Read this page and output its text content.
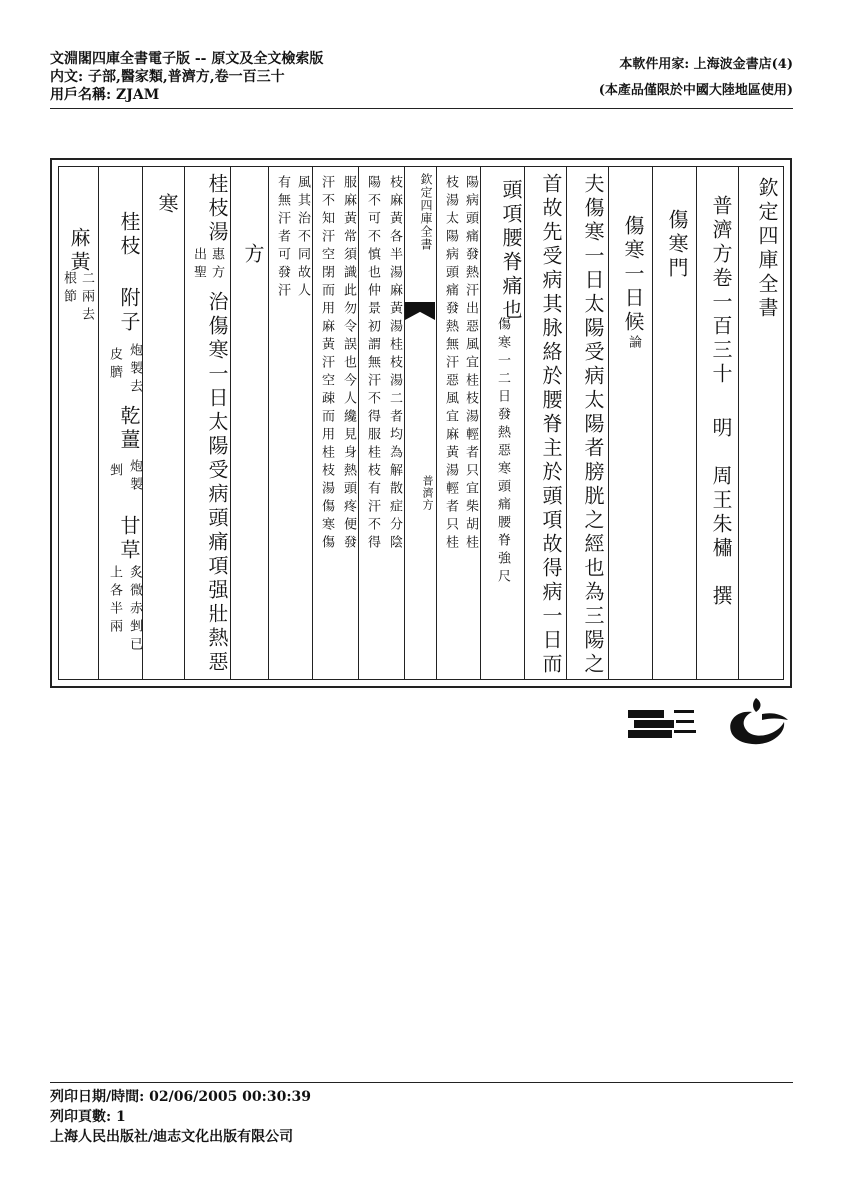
文淵閣四庫全書電子版 -- 原文及全文檢索版
内文: 子部,醫家類,普濟方,卷一百三十
用戶名稱: ZJAM
本軟件用家: 上海波金書店(4)
(本產品僅限於中國大陸地區使用)
欽定四庫全書
普濟方卷一百三十明　周王朱橚　撰
傷寒門
傷寒一日候論
夫傷寒一日太陽受病太陽者膀胱之經也為三陽之
首故先受病其脉絡於腰脊主於頭項故得病一日而
頭項腰脊痛也
傷寒一二日發熱惡寒頭痛腰脊強尺
陽病頭痛發熱汗出惡風宜桂枝湯輕者只宜柴胡桂
枝湯太陽病頭痛發熱無汗惡風宜麻黃湯輕者只桂
欽定四庫全書
普濟方
枝麻黃各半湯麻黃湯桂枝湯二者均為解散症分陰
陽不可不慎也仲景初謂無汗不得服桂枝有汗不得
服麻黃常須識此勿令誤也今人纔見身熱頭疼便發
汗不知汗空閉而用麻黃汗空疎而用桂枝湯傷寒傷
風其治不同故人
有無汗者可發汗
方
桂枝湯
出聖 惠方
治傷寒一日太陽受病頭痛項强壯熱惡
寒
桂枝
附子
炮製去
皮臍
乾薑
炮製
剉
甘草
炙微赤剉已
上各半兩
麻黃
二兩去
根節
列印日期/時間: 02/06/2005 00:30:39
列印頁數: 1
上海人民出版社/迪志文化出版有限公司
